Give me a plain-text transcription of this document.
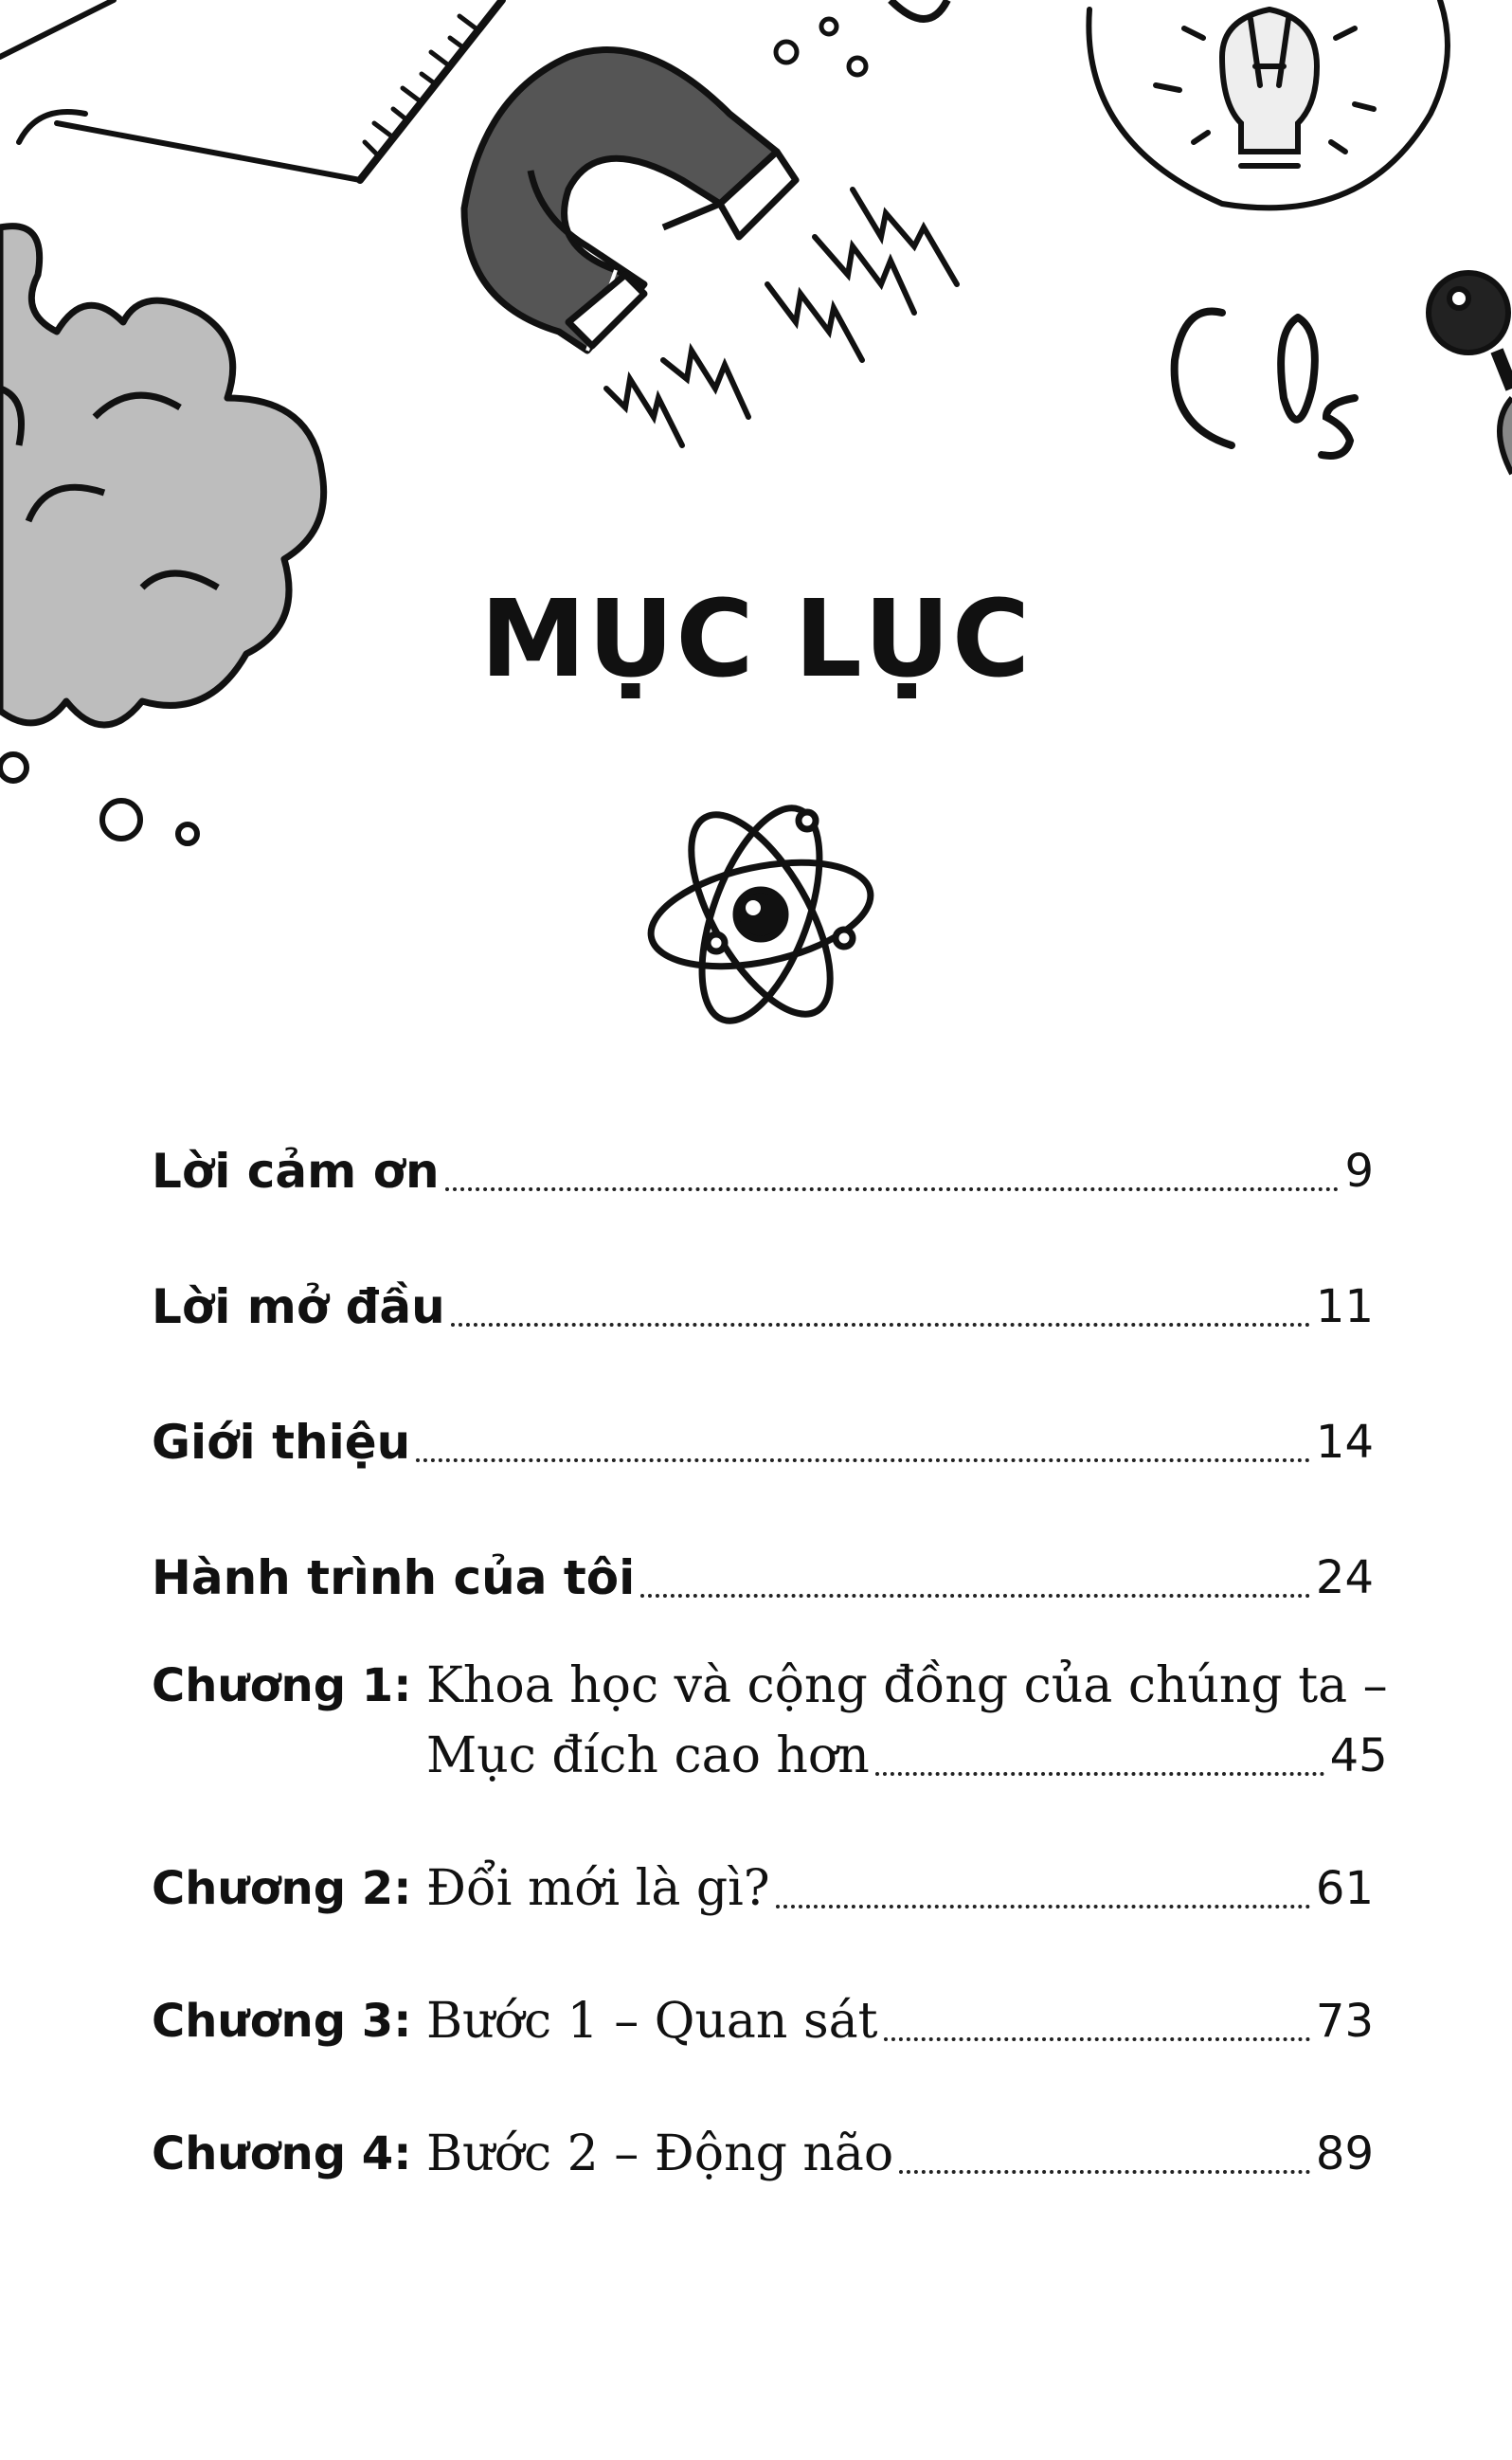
MỤC LỤC
Lời cảm ơn	9
Lời mở đầu	11
Giới thiệu	14
Hành trình của tôi	24
Chương 1: Khoa học và cộng đồng của chúng ta –
Mục đích cao hơn	45
Chương 2: Đổi mới là gì?	61
Chương 3: Bước 1 – Quan sát	73
Chương 4: Bước 2 – Động não	89
